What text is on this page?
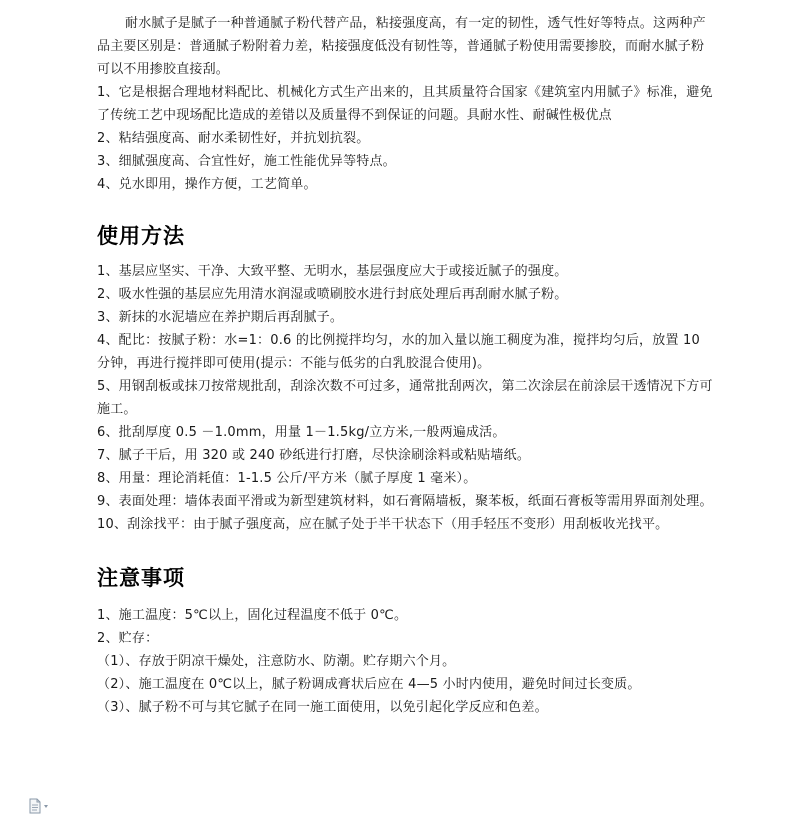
耐水腻子是腻子一种普通腻子粉代替产品，粘接强度高，有一定的韧性，透气性好等特点。这两种产品主要区别是：普通腻子粉附着力差，粘接强度低没有韧性等，普通腻子粉使用需要掺胶，而耐水腻子粉可以不用掺胶直接刮。

1、它是根据合理地材料配比、机械化方式生产出来的，且其质量符合国家《建筑室内用腻子》标准，避免了传统工艺中现场配比造成的差错以及质量得不到保证的问题。具耐水性、耐碱性极优点
2、粘结强度高、耐水柔韧性好，并抗划抗裂。
3、细腻强度高、合宜性好，施工性能优异等特点。
4、兑水即用，操作方便，工艺简单。
使用方法
1、基层应坚实、干净、大致平整、无明水，基层强度应大于或接近腻子的强度。
2、吸水性强的基层应先用清水润湿或喷刷胶水进行封底处理后再刮耐水腻子粉。
3、新抹的水泥墙应在养护期后再刮腻子。
4、配比：按腻子粉：水=1：0.6 的比例搅拌均匀，水的加入量以施工稠度为准，搅拌均匀后，放置 10 分钟，再进行搅拌即可使用(提示：不能与低劣的白乳胶混合使用)。
5、用钢刮板或抹刀按常规批刮，刮涂次数不可过多，通常批刮两次，第二次涂层在前涂层干透情况下方可施工。
6、批刮厚度 0.5 －1.0mm，用量 1－1.5kg/立方米,一般两遍成活。
7、腻子干后，用 320 或 240 砂纸进行打磨，尽快涂刷涂料或粘贴墙纸。
8、用量：理论消耗值：1-1.5 公斤/平方米（腻子厚度 1 毫米）。
9、表面处理：墙体表面平滑或为新型建筑材料，如石膏隔墙板，聚苯板，纸面石膏板等需用界面剂处理。
10、刮涂找平：由于腻子强度高，应在腻子处于半干状态下（用手轻压不变形）用刮板收光找平。
注意事项
1、施工温度：5℃以上，固化过程温度不低于 0℃。
2、贮存：
（1）、存放于阴凉干燥处，注意防水、防潮。贮存期六个月。
（2）、施工温度在 0℃以上，腻子粉调成膏状后应在 4—5 小时内使用，避免时间过长变质。
（3）、腻子粉不可与其它腻子在同一施工面使用，以免引起化学反应和色差。
